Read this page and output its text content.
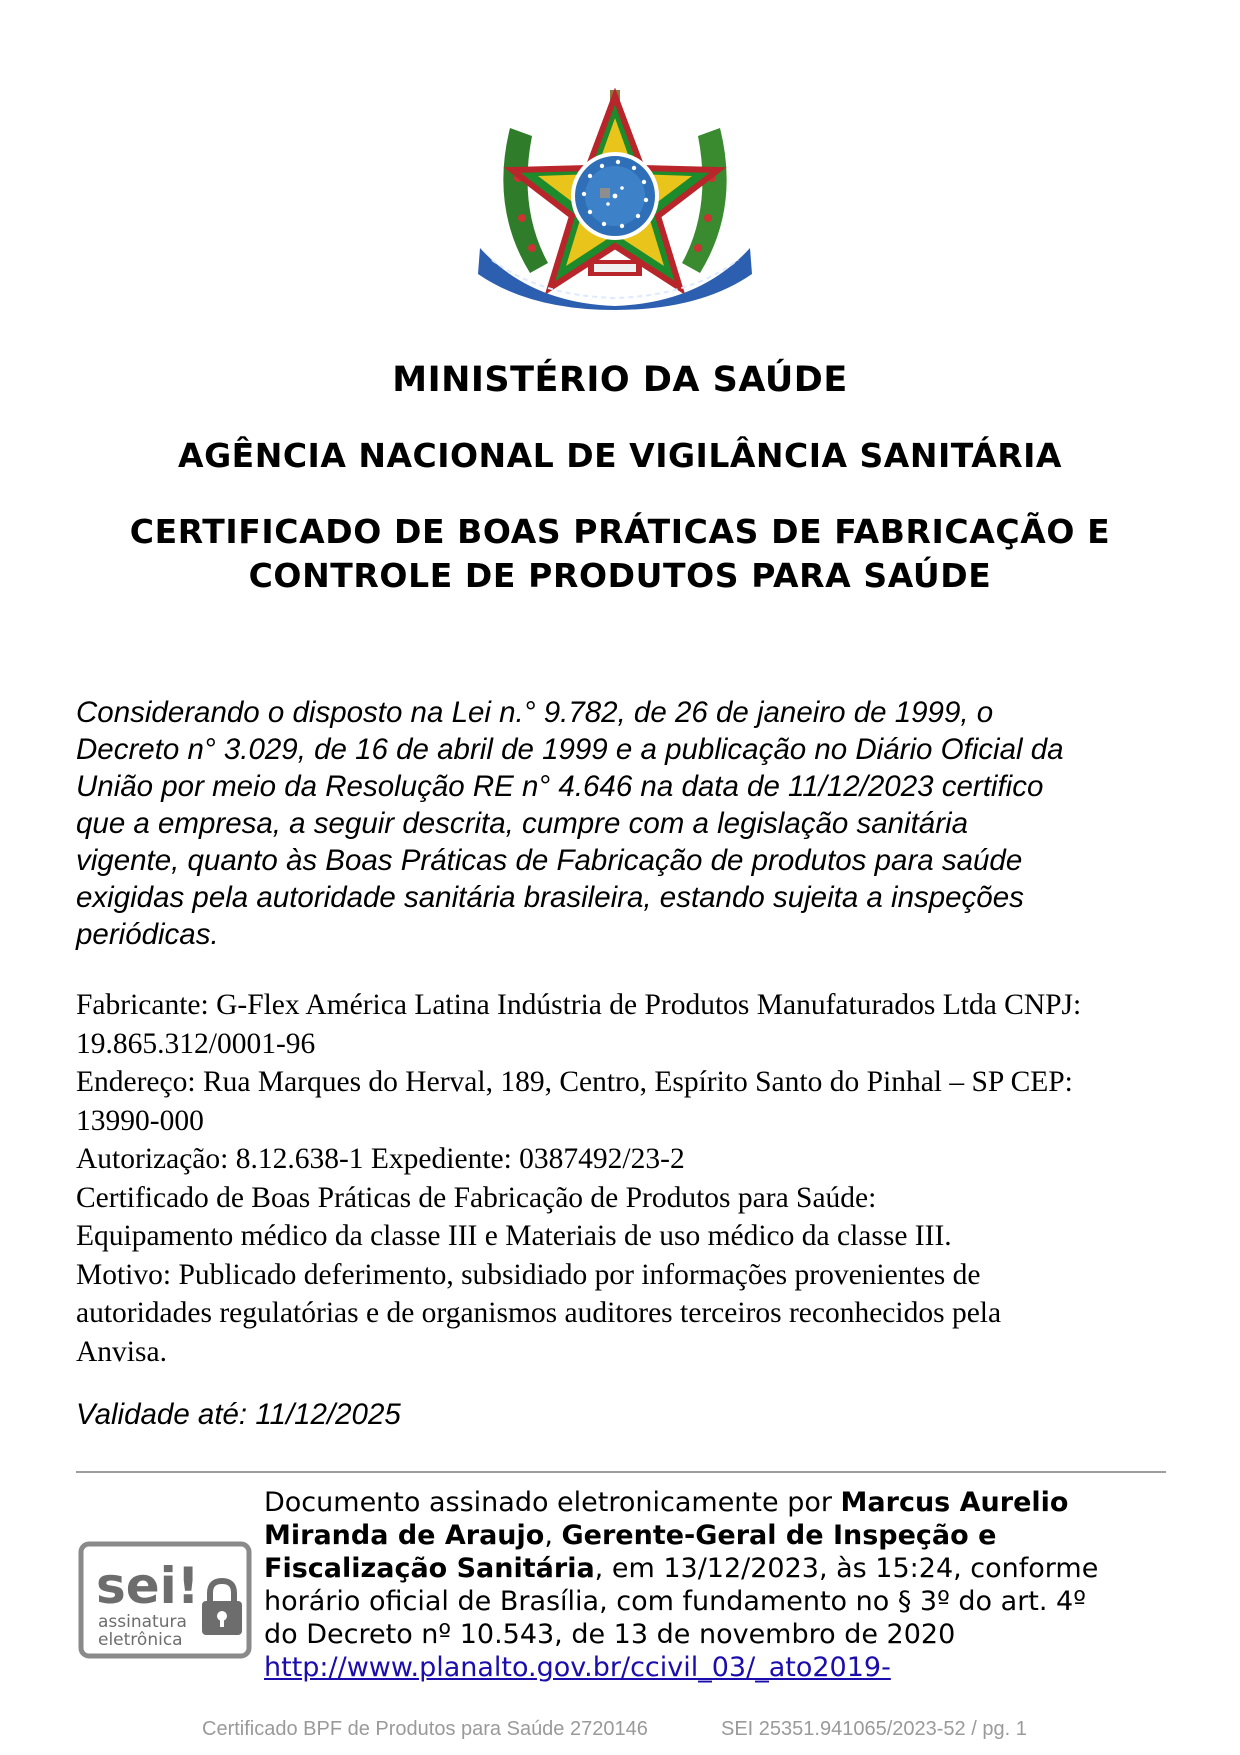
MINISTÉRIO DA SAÚDE
AGÊNCIA NACIONAL DE VIGILÂNCIA SANITÁRIA
CERTIFICADO DE BOAS PRÁTICAS DE FABRICAÇÃO E
CONTROLE DE PRODUTOS PARA SAÚDE
Considerando o disposto na Lei n.° 9.782, de 26 de janeiro de 1999, o
Decreto n° 3.029, de 16 de abril de 1999 e a publicação no Diário Oficial da
União por meio da Resolução RE n° 4.646 na data de 11/12/2023 certifico
que a empresa, a seguir descrita, cumpre com a legislação sanitária
vigente, quanto às Boas Práticas de Fabricação de produtos para saúde
exigidas pela autoridade sanitária brasileira, estando sujeita a inspeções
periódicas.
Fabricante: G-Flex América Latina Indústria de Produtos Manufaturados Ltda CNPJ:
19.865.312/0001-96
Endereço: Rua Marques do Herval, 189, Centro, Espírito Santo do Pinhal – SP CEP:
13990-000
Autorização: 8.12.638-1 Expediente: 0387492/23-2
Certificado de Boas Práticas de Fabricação de Produtos para Saúde:
Equipamento médico da classe III e Materiais de uso médico da classe III.
Motivo: Publicado deferimento, subsidiado por informações provenientes de
autoridades regulatórias e de organismos auditores terceiros reconhecidos pela
Anvisa.
Validade até: 11/12/2025
sei!
assinatura
eletrônica
Documento assinado eletronicamente por Marcus Aurelio
Miranda de Araujo, Gerente-Geral de Inspeção e
Fiscalização Sanitária, em 13/12/2023, às 15:24, conforme
horário oficial de Brasília, com fundamento no § 3º do art. 4º
do Decreto nº 10.543, de 13 de novembro de 2020
http://www.planalto.gov.br/ccivil_03/_ato2019-
Certificado BPF de Produtos para Saúde 2720146	SEI 25351.941065/2023-52 / pg. 1
